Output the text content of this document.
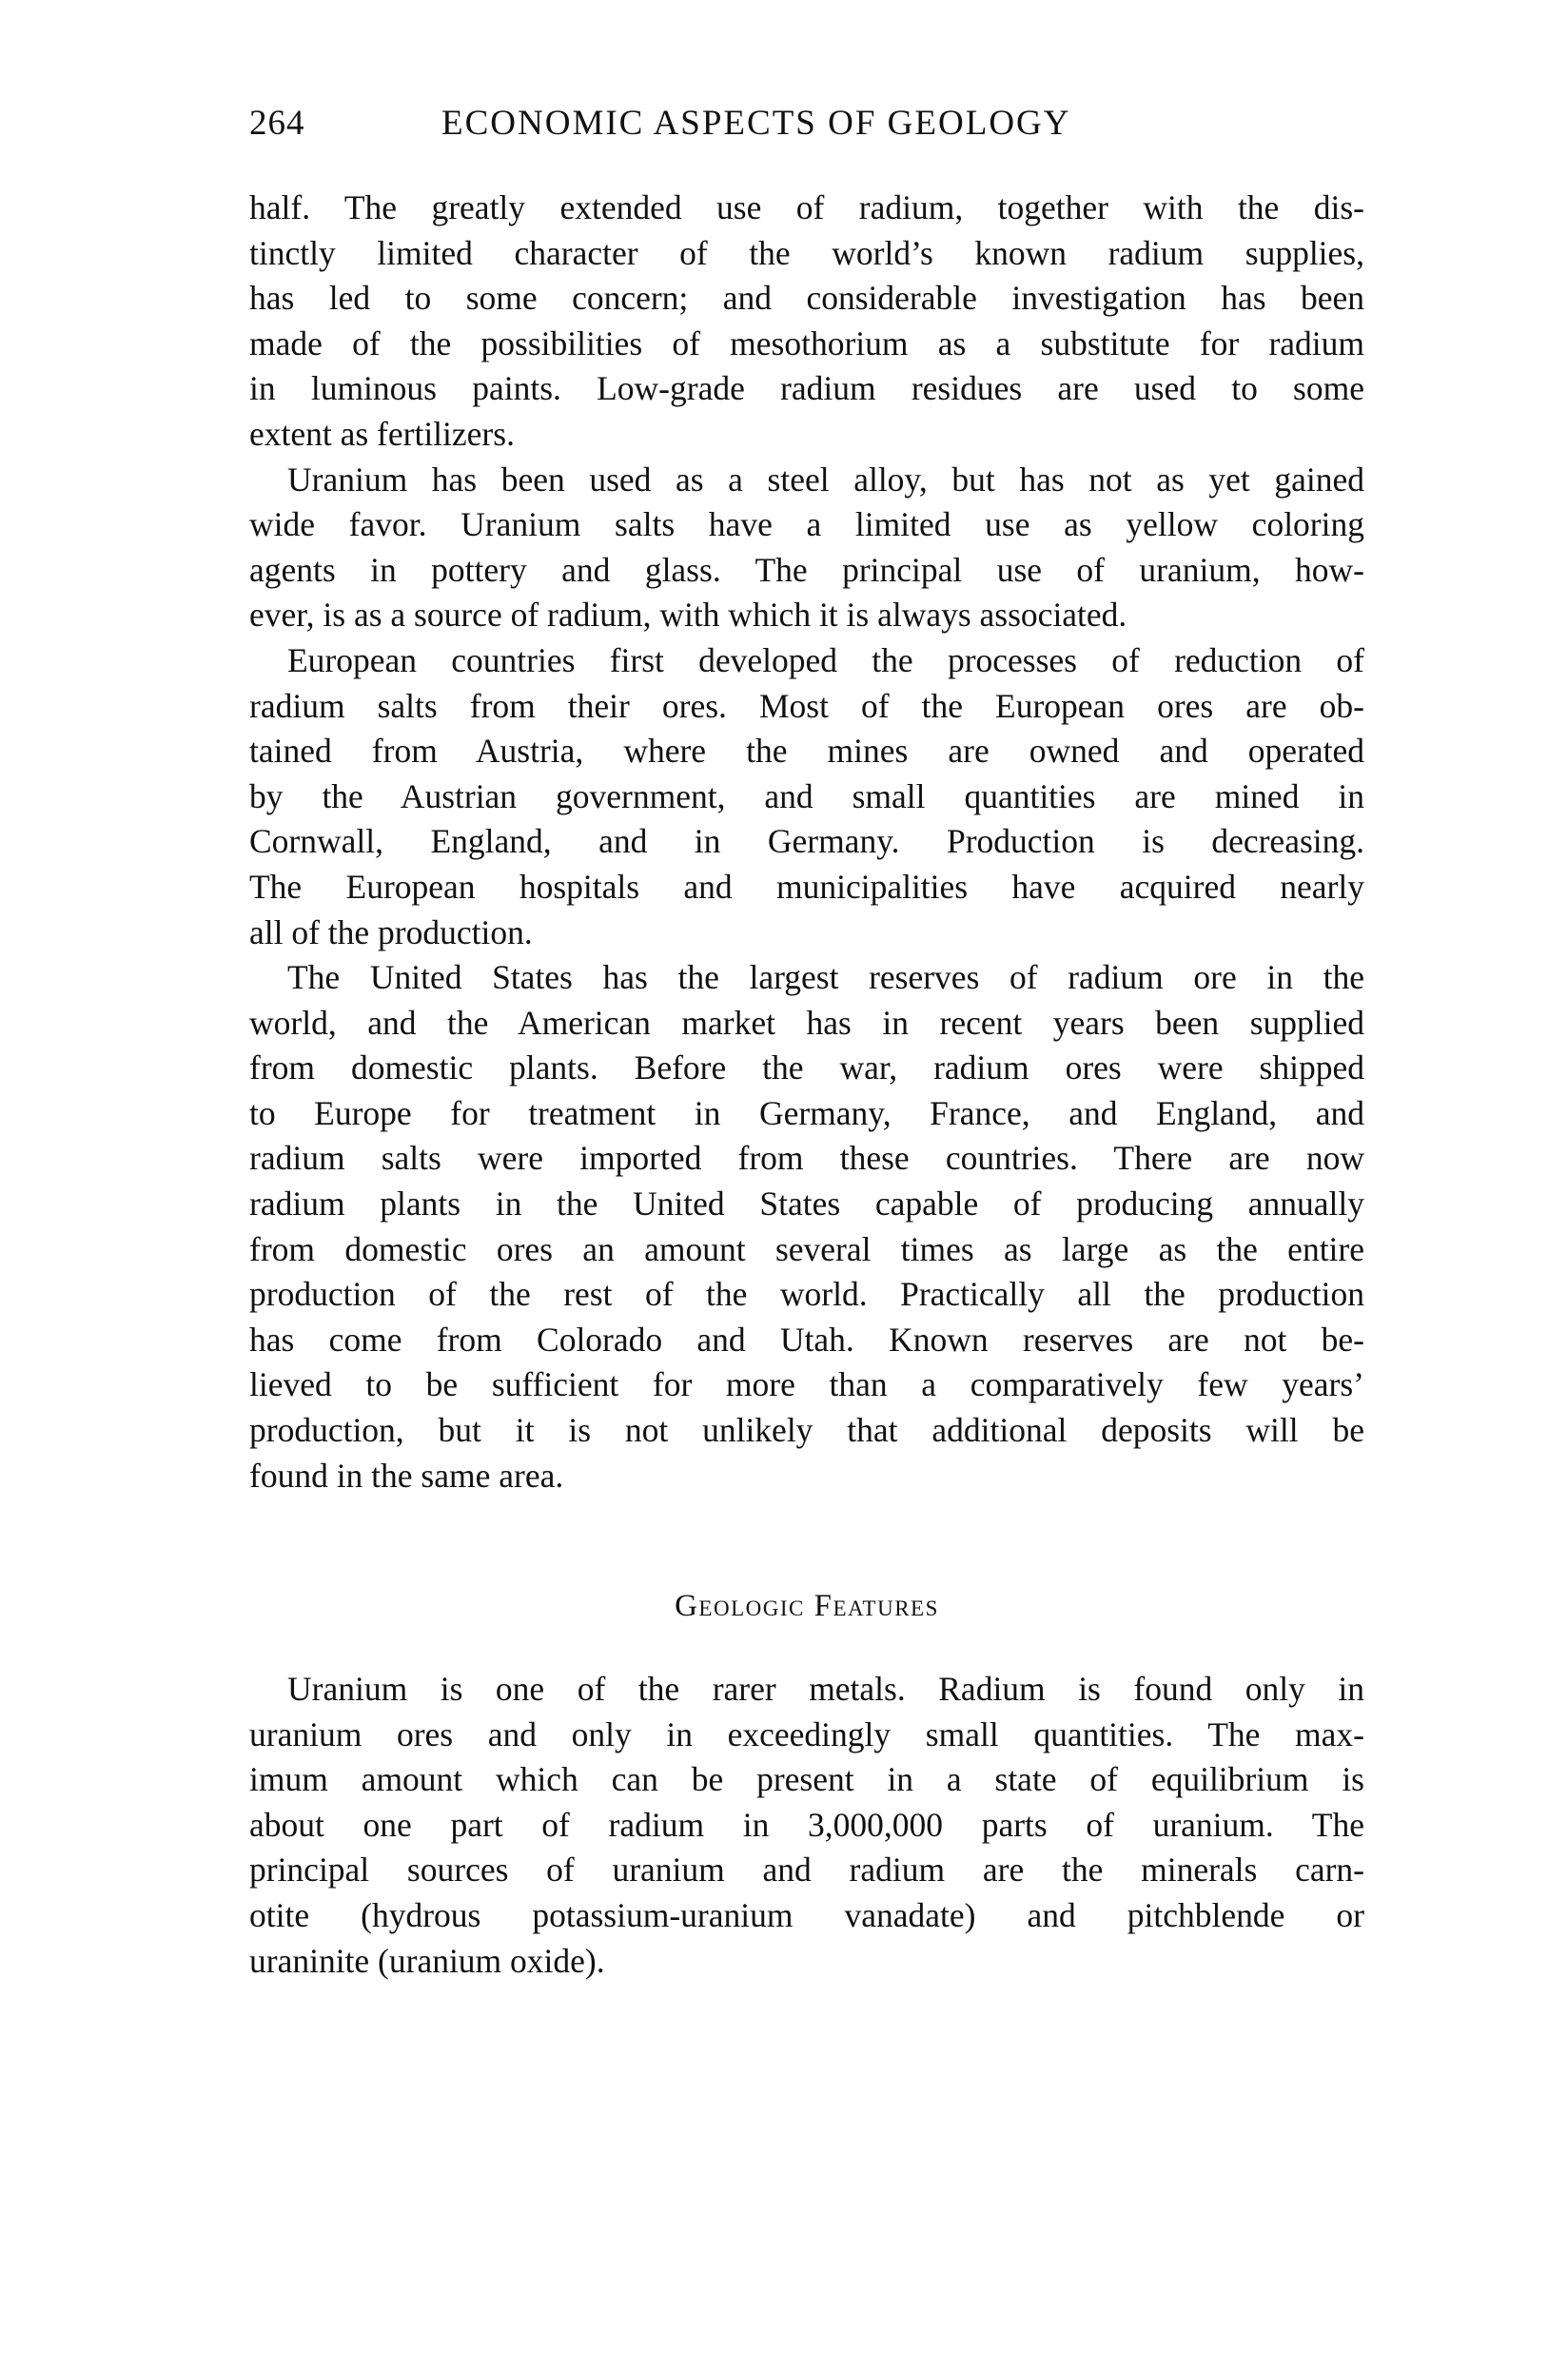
264	ECONOMIC ASPECTS OF GEOLOGY
half. The greatly extended use of radium, together with the dis-
tinctly limited character of the world’s known radium supplies,
has led to some concern; and considerable investigation has been
made of the possibilities of mesothorium as a substitute for radium
in luminous paints. Low-grade radium residues are used to some
extent as fertilizers.
Uranium has been used as a steel alloy, but has not as yet gained
wide favor. Uranium salts have a limited use as yellow coloring
agents in pottery and glass. The principal use of uranium, how-
ever, is as a source of radium, with which it is always associated.
European countries first developed the processes of reduction of
radium salts from their ores. Most of the European ores are ob-
tained from Austria, where the mines are owned and operated
by the Austrian government, and small quantities are mined in
Cornwall, England, and in Germany. Production is decreasing.
The European hospitals and municipalities have acquired nearly
all of the production.
The United States has the largest reserves of radium ore in the
world, and the American market has in recent years been supplied
from domestic plants. Before the war, radium ores were shipped
to Europe for treatment in Germany, France, and England, and
radium salts were imported from these countries. There are now
radium plants in the United States capable of producing annually
from domestic ores an amount several times as large as the entire
production of the rest of the world. Practically all the production
has come from Colorado and Utah. Known reserves are not be-
lieved to be sufficient for more than a comparatively few years’
production, but it is not unlikely that additional deposits will be
found in the same area.
Geologic Features
Uranium is one of the rarer metals. Radium is found only in
uranium ores and only in exceedingly small quantities. The max-
imum amount which can be present in a state of equilibrium is
about one part of radium in 3,000,000 parts of uranium. The
principal sources of uranium and radium are the minerals carn-
otite (hydrous potassium-uranium vanadate) and pitchblende or
uraninite (uranium oxide).
